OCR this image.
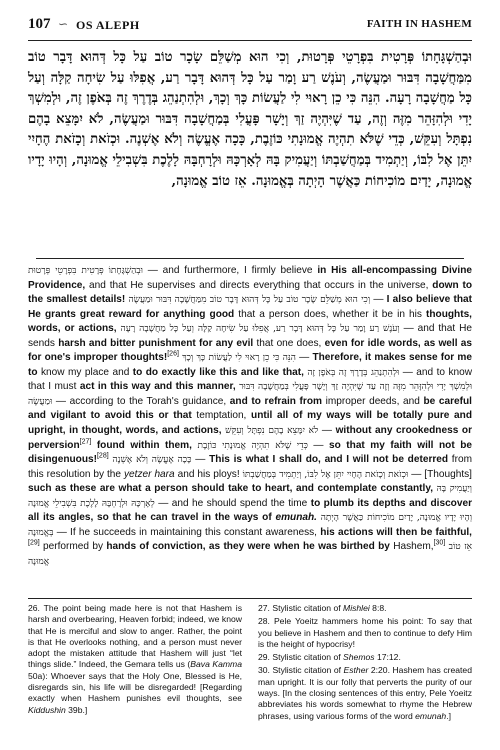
107 ∽ OS ALEPH	FAITH IN HASHEM

וּבְהַשְׁגָּחָתוֹ פְּרָטִית בִּפְרָטֵי פְּרָטוּת, וְכִי הוּא מְשַׁלֵּם שָׂכָר טוֹב עַל כָּל דְּהוּא דָּבָר טוֹב מִמַּחֲשָׁבָה דִּבּוּר וּמַעֲשֶׂה, וְעֹנֶשׁ רַע וָמַר עַל כָּל דְּהוּא דָּבָר רַע, אֲפִלּוּ עַל שִׂיחָה קַלָּה וְעַל כָּל מַחֲשָׁבָה רָעָה. הִנֵּה כִּי כֵן רָאוּי לִי לַעֲשׂוֹת כָּךְ וְכָךְ, וּלְהִתְנַהֵג בְּדֶרֶךְ זֶה בְּאֹפֶן זֶה, וּלְמִשְׁךְ יָדִי וּלְהִזָּהֵר מִזֶּה וְזֶה, עַד שֶׁיִּהְיֶה זַךְ וְיָשָׁר פָּעֳלִי בְּמַחֲשָׁבָה דִּבּוּר וּמַעֲשֶׂה, לֹא יִמָּצֵא בָהֶם נִפְתָּל וְעִקֵּשׁ, כְּדֵי שֶׁלֹּא תִהְיֶה אֱמוּנָתִי כּוֹזֶבֶת, כָּכָה אֶעֱשֶׂה וְלֹא אֶשְׁנֶה. וּכְזֹאת וְכָזֹאת הֶחָיִי יִתֵּן אֶל לִבּוֹ, וְיַתְמִיד בְּמַחֲשַׁבְתּוֹ וְיַעֲמִיק בָּהּ לְאָרְכָּהּ וּלְרָחְבָּהּ לָלֶכֶת בִּשְׁבִילֵי אֱמוּנָה, וְהָיוּ יָדָיו אֱמוּנָה, יָדַיִם מוֹכִיחוֹת כַּאֲשֶׁר הָיְתָה בְּאֱמוּנָה. אֵז טוֹב אֱמוּנָה,

וּבְהַשְׁגָּחָתוֹ פְּרָטִית בִּפְרָטֵי פְּרָטוּת — and furthermore, I firmly believe in His all-encompassing Divine Providence, and that He supervises and directs everything that occurs in the universe, down to the smallest details! וְכִי הוּא מְשַׁלֵּם שָׂכָר טוֹב עַל כָּל דְּהוּא דָּבָר טוֹב מִמַּחֲשָׁבָה דִּבּוּר וּמַעֲשֶׂה — I also believe that He grants great reward for anything good that a person does, whether it be in his thoughts, words, or actions, וְעֹנֶשׁ רַע וָמַר עַל כָּל דְּהוּא דָּבָר רַע, אֲפִלּוּ עַל שִׂיחָה קַלָּה וְעַל כָּל מַחֲשָׁבָה רָעָה — and that He sends harsh and bitter punishment for any evil that one does, even for idle words, as well as for one's improper thoughts![26] הִנֵּה כִּי כֵן רָאוּי לִי לַעֲשׂוֹת כָּךְ וְכָךְ — Therefore, it makes sense for me to know my place and to do exactly like this and like that, וּלְהִתְנַהֵג בְּדֶרֶךְ זֶה בְּאֹפֶן זֶה — and to know that I must act in this way and this manner, וּלְמִשְׁךְ יָדִי וּלְהִזָּהֵר מִזֶּה וְזֶה עַד שֶׁיִּהְיֶה זַךְ וְיָשָׁר פָּעֳלִי בְּמַחֲשָׁבָה דִּבּוּר וּמַעֲשֶׂה — according to the Torah's guidance, and to refrain from improper deeds, and be careful and vigilant to avoid this or that temptation, until all of my ways will be totally pure and upright, in thought, words, and actions, לֹא יִמָּצֵא בָהֶם נִפְתָּל וְעִקֵּשׁ — without any crookedness or perversion[27] found within them, כְּדֵי שֶׁלֹּא תִהְיֶה אֱמוּנָתִי כּוֹזֶבֶת — so that my faith will not be disingenuous![28] כָּכָה אֶעֱשֶׂה וְלֹא אֶשְׁנֶה — This is what I shall do, and I will not be deterred from this resolution by the yetzer hara and his ploys! וּכְזֹאת וְכָזֹאת הֶחָיִי יִתֵּן אֶל לִבּוֹ, וְיַתְמִיד בְּמַחֲשַׁבְתּוֹ — [Thoughts] such as these are what a person should take to heart, and contemplate constantly, וְיַעֲמִיק בָּהּ לְאָרְכָּהּ וּלְרָחְבָּהּ לָלֶכֶת בִּשְׁבִילֵי אֱמוּנָה — and he should spend the time to plumb its depths and discover all its angles, so that he can travel in the ways of emunah. וְהָיוּ יָדָיו אֱמוּנָה, יָדַיִם מוֹכִיחוֹת כַּאֲשֶׁר הָיְתָה בְּאֱמוּנָה — If he succeeds in maintaining this constant awareness, his actions will then be faithful,[29] performed by hands of conviction, as they were when he was birthed by Hashem,[30] אֵז טוֹב אֱמוּנָה

26. The point being made here is not that Hashem is harsh and overbearing, Heaven forbid; indeed, we know that He is merciful and slow to anger. Rather, the point is that He overlooks nothing, and a person must never adopt the mistaken attitude that Hashem will just “let things slide.” Indeed, the Gemara tells us (Bava Kamma 50a): Whoever says that the Holy One, Blessed is He, disregards sin, his life will be disregarded! [Regarding exactly when Hashem punishes evil thoughts, see Kiddushin 39b.]

27. Stylistic citation of Mishlei 8:8.

28. Pele Yoeitz hammers home his point: To say that you believe in Hashem and then to continue to defy Him is the height of hypocrisy!

29. Stylistic citation of Shemos 17:12.

30. Stylistic citation of Esther 2:20. Hashem has created man upright. It is our folly that perverts the purity of our ways. [In the closing sentences of this entry, Pele Yoeitz abbreviates his words somewhat to rhyme the Hebrew phrases, using various forms of the word emunah.]
